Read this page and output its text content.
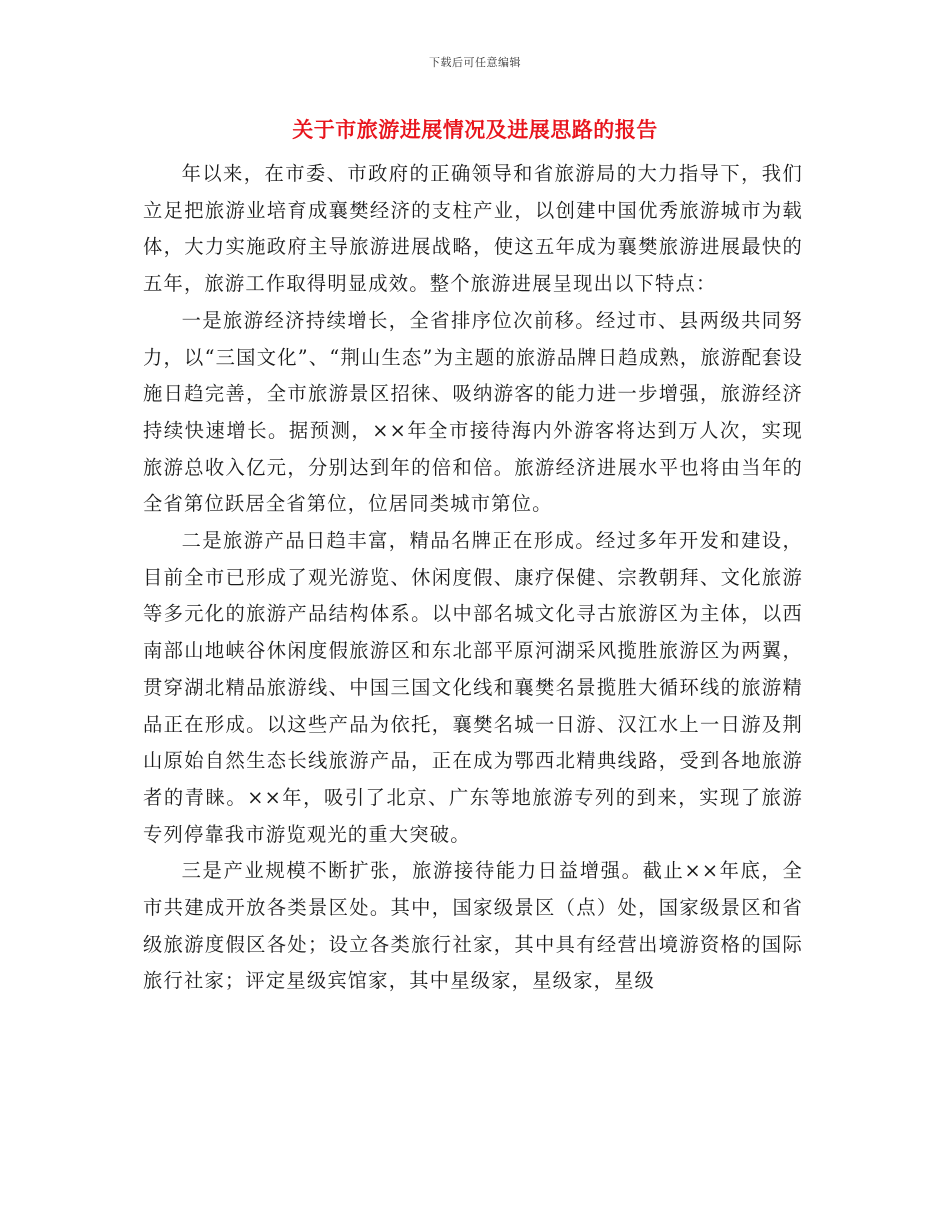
下载后可任意编辑
关于市旅游进展情况及进展思路的报告

年以来，在市委、市政府的正确领导和省旅游局的大力指导下，我们立足把旅游业培育成襄樊经济的支柱产业，以创建中国优秀旅游城市为载体，大力实施政府主导旅游进展战略，使这五年成为襄樊旅游进展最快的五年，旅游工作取得明显成效。整个旅游进展呈现出以下特点：

一是旅游经济持续增长，全省排序位次前移。经过市、县两级共同努力，以“三国文化”、“荆山生态”为主题的旅游品牌日趋成熟，旅游配套设施日趋完善，全市旅游景区招徕、吸纳游客的能力进一步增强，旅游经济持续快速增长。据预测，××年全市接待海内外游客将达到万人次，实现旅游总收入亿元，分别达到年的倍和倍。旅游经济进展水平也将由当年的全省第位跃居全省第位，位居同类城市第位。

二是旅游产品日趋丰富，精品名牌正在形成。经过多年开发和建设，目前全市已形成了观光游览、休闲度假、康疗保健、宗教朝拜、文化旅游等多元化的旅游产品结构体系。以中部名城文化寻古旅游区为主体，以西南部山地峡谷休闲度假旅游区和东北部平原河湖采风揽胜旅游区为两翼，贯穿湖北精品旅游线、中国三国文化线和襄樊名景揽胜大循环线的旅游精品正在形成。以这些产品为依托，襄樊名城一日游、汉江水上一日游及荆山原始自然生态长线旅游产品，正在成为鄂西北精典线路，受到各地旅游者的青睐。××年，吸引了北京、广东等地旅游专列的到来，实现了旅游专列停靠我市游览观光的重大突破。

三是产业规模不断扩张，旅游接待能力日益增强。截止××年底，全市共建成开放各类景区处。其中，国家级景区（点）处，国家级景区和省级旅游度假区各处；设立各类旅行社家，其中具有经营出境游资格的国际旅行社家；评定星级宾馆家，其中星级家，星级家，星级
